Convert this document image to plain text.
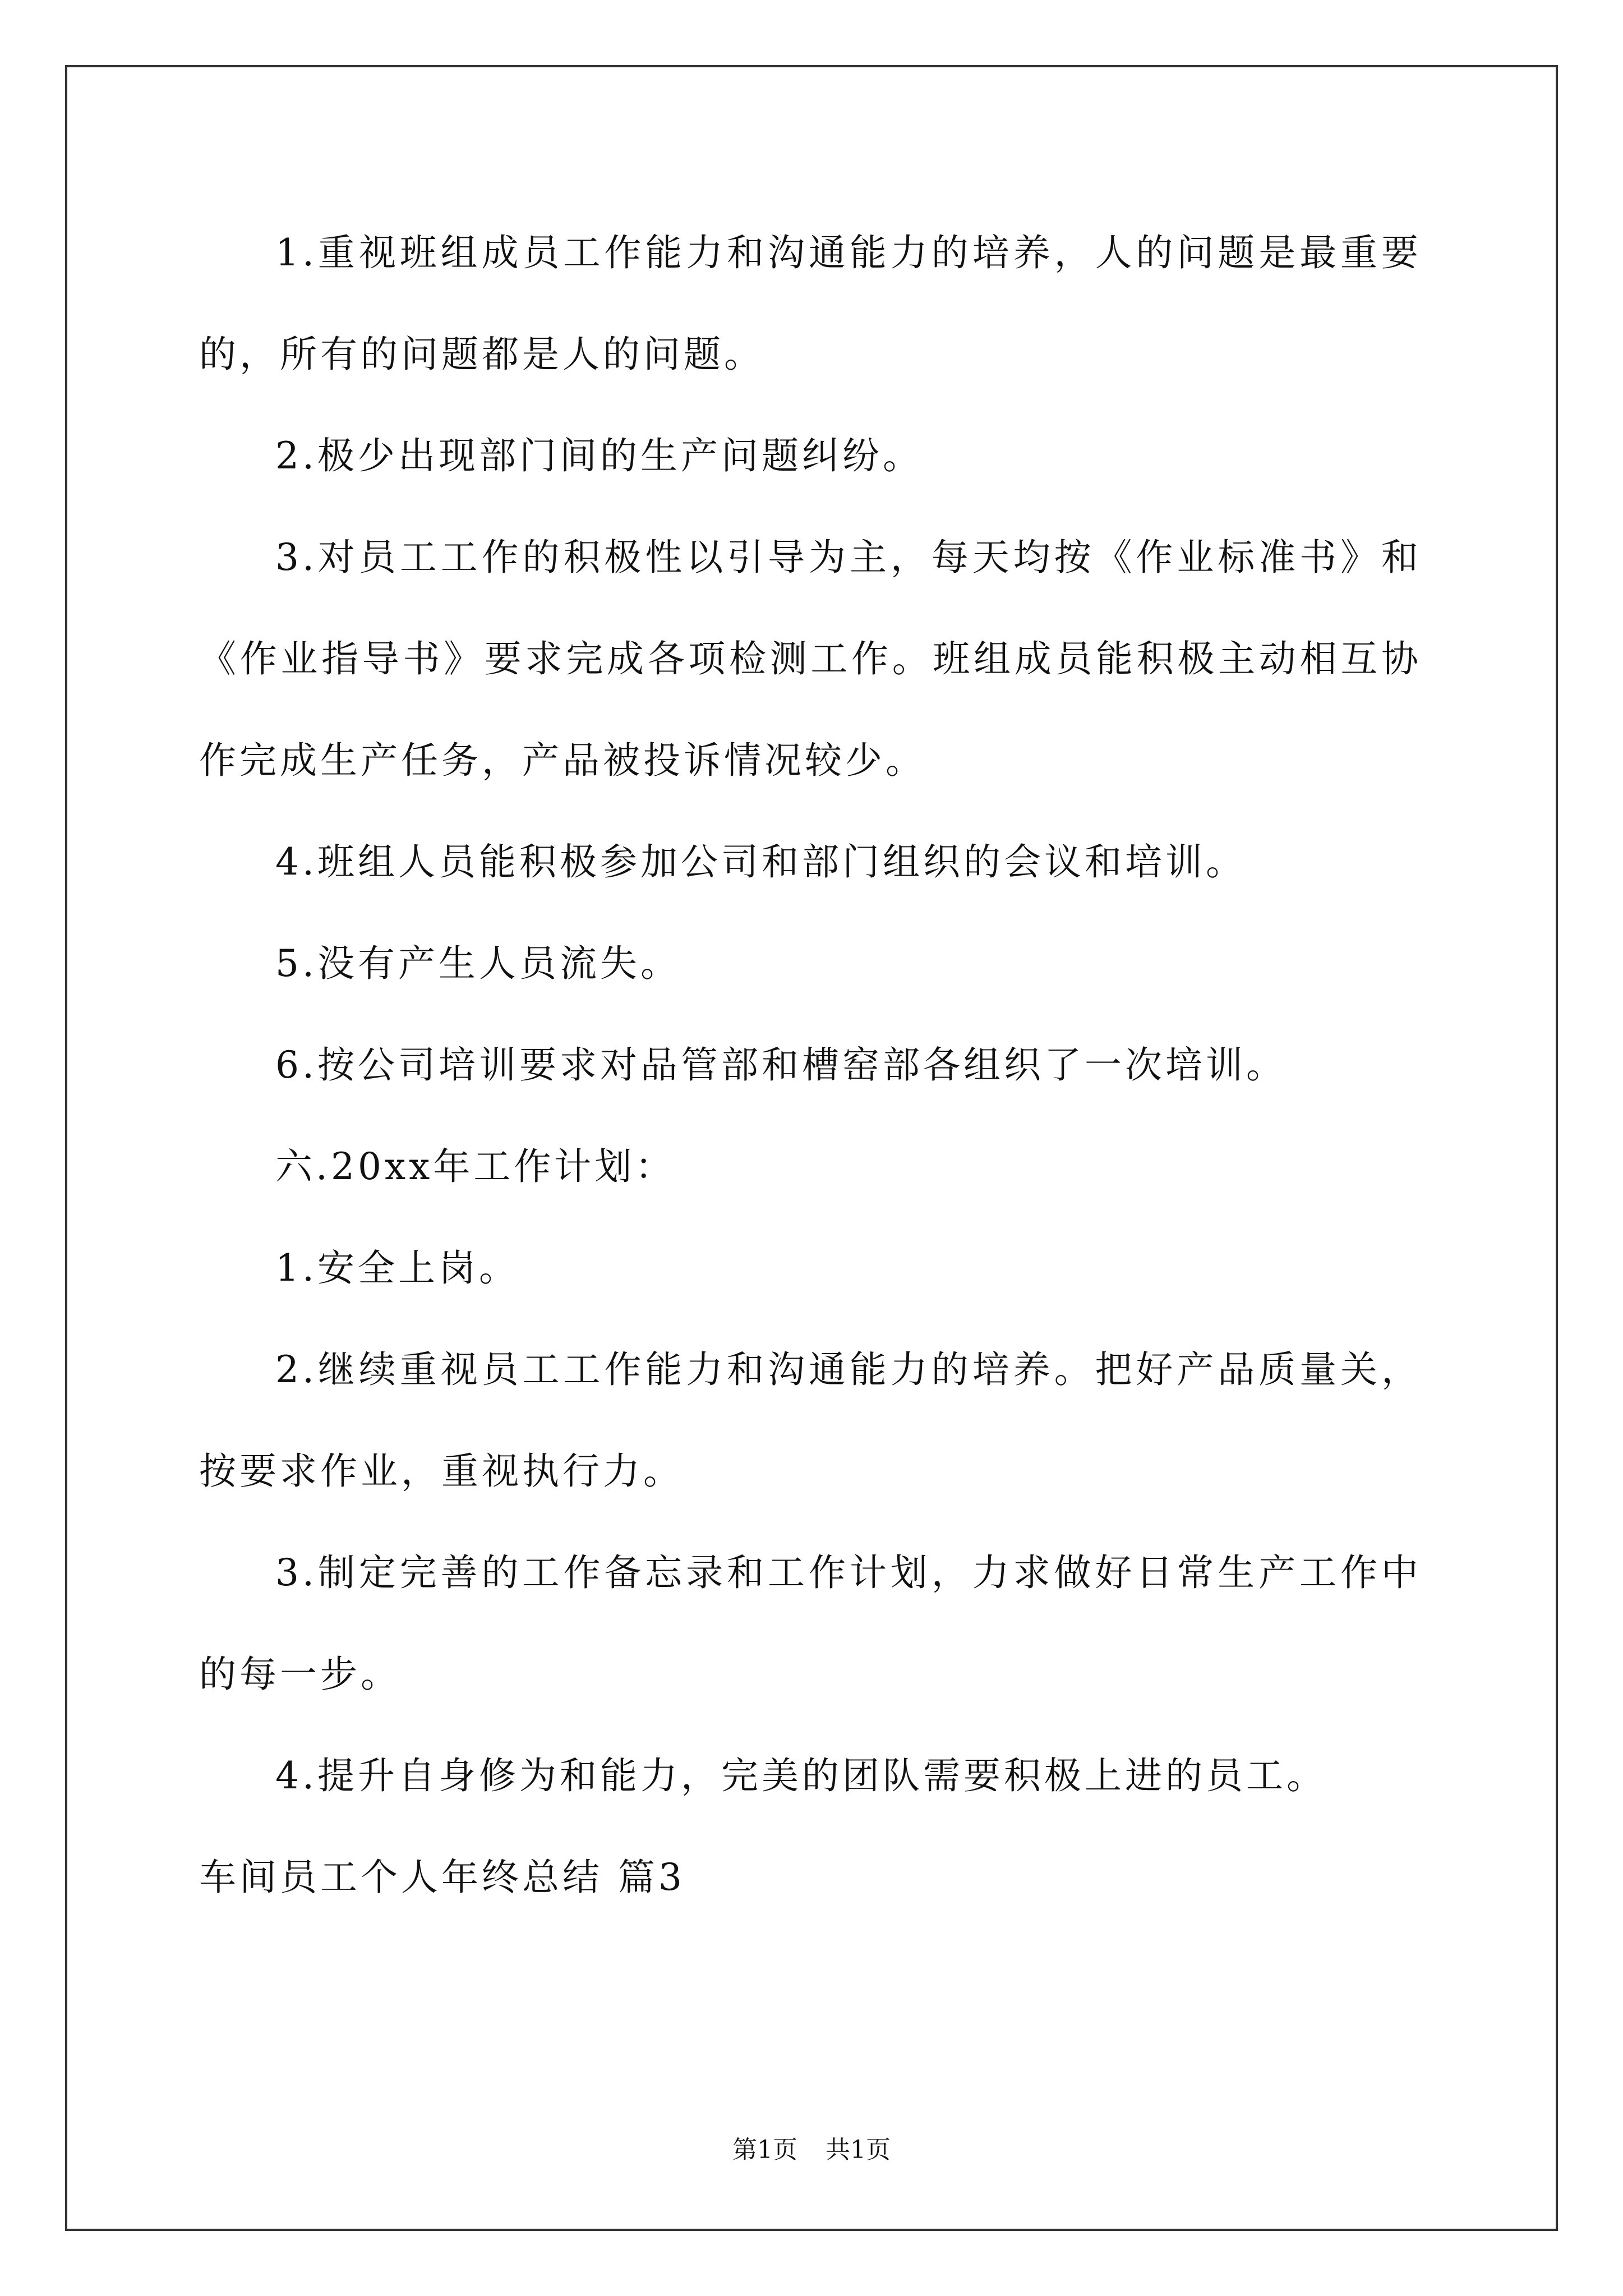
1.重视班组成员工作能力和沟通能力的培养，人的问题是最重要的，所有的问题都是人的问题。

2.极少出现部门间的生产问题纠纷。

3.对员工工作的积极性以引导为主，每天均按《作业标准书》和《作业指导书》要求完成各项检测工作。班组成员能积极主动相互协作完成生产任务，产品被投诉情况较少。

4.班组人员能积极参加公司和部门组织的会议和培训。

5.没有产生人员流失。

6.按公司培训要求对品管部和槽窑部各组织了一次培训。

六.20xx年工作计划：

1.安全上岗。

2.继续重视员工工作能力和沟通能力的培养。把好产品质量关，按要求作业，重视执行力。

3.制定完善的工作备忘录和工作计划，力求做好日常生产工作中的每一步。

4.提升自身修为和能力，完美的团队需要积极上进的员工。

车间员工个人年终总结 篇3

第1页 共1页
